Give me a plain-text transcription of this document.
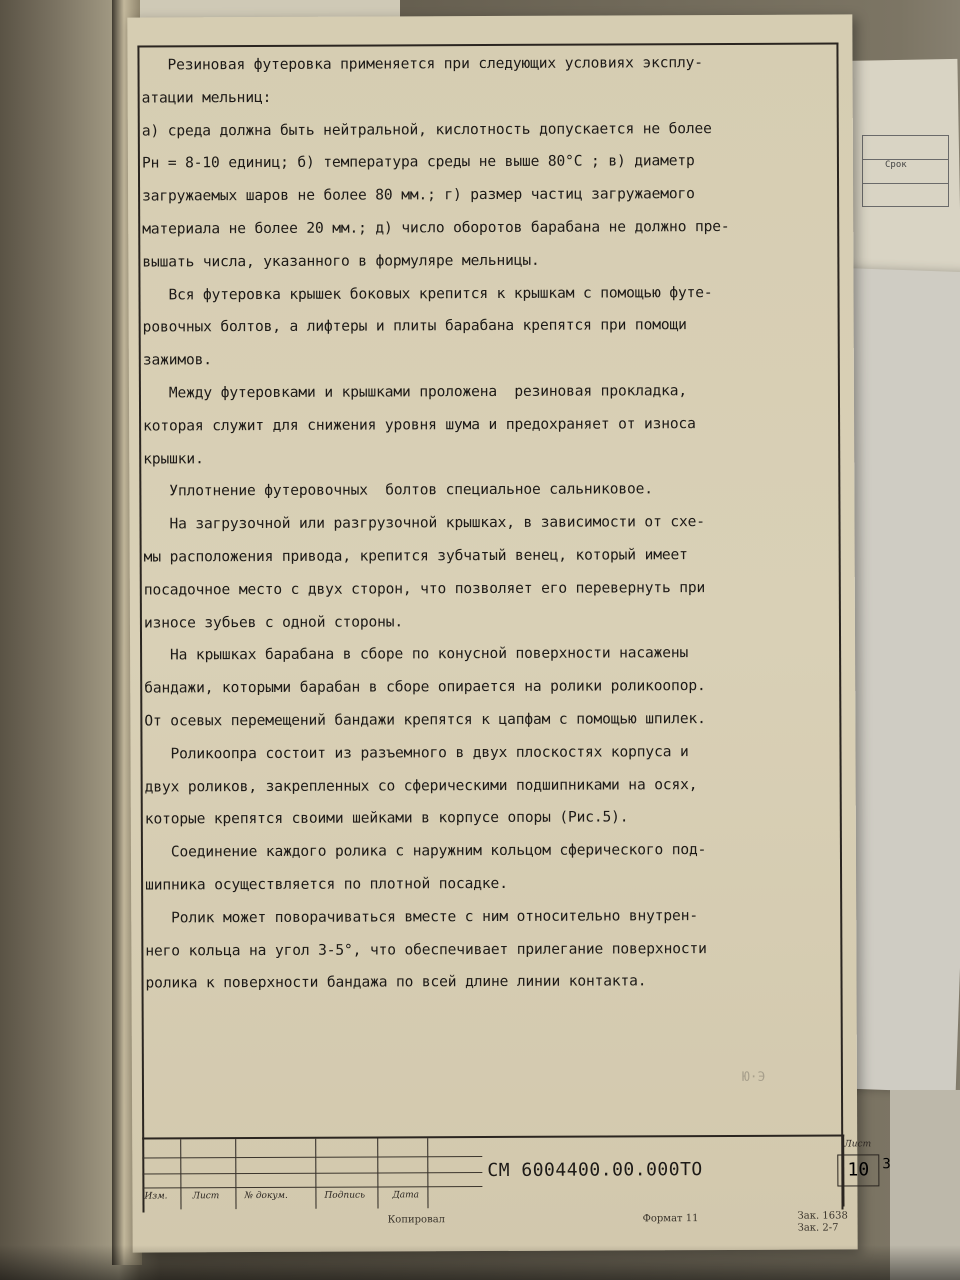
Срок
Резиновая футеровка применяется при следующих условиях эксплу-
атации мельниц:
а) среда должна быть нейтральной, кислотность допускается не более
Рн = 8-10 единиц; б) температура среды не выше 80°С ; в) диаметр
загружаемых шаров не более 80 мм.; г) размер частиц загружаемого
материала не более 20 мм.; д) число оборотов барабана не должно пре-
вышать числа, указанного в формуляре мельницы.
Вся футеровка крышек боковых крепится к крышкам с помощью футе-
ровочных болтов, а лифтеры и плиты барабана крепятся при помощи
зажимов.
Между футеровками и крышками проложена  резиновая прокладка,
которая служит для снижения уровня шума и предохраняет от износа
крышки.
Уплотнение футеровочных  болтов специальное сальниковое.
На загрузочной или разгрузочной крышках, в зависимости от схе-
мы расположения привода, крепится зубчатый венец, который имеет
посадочное место с двух сторон, что позволяет его перевернуть при
износе зубьев с одной стороны.
На крышках барабана в сборе по конусной поверхности насажены
бандажи, которыми барабан в сборе опирается на ролики роликоопор.
От осевых перемещений бандажи крепятся к цапфам с помощью шпилек.
Роликоопра состоит из разъемного в двух плоскостях корпуса и
двух роликов, закрепленных со сферическими подшипниками на осях,
которые крепятся своими шейками в корпусе опоры (Рис.5).
Соединение каждого ролика с наружним кольцом сферического под-
шипника осуществляется по плотной посадке.
Ролик может поворачиваться вместе с ним относительно внутрен-
него кольца на угол 3-5°, что обеспечивает прилегание поверхности
ролика к поверхности бандажа по всей длине линии контакта.
Ю·Э
Изм.	Лист	№ докум.	Подпись	Дата
СМ 6004400.00.000ТО
Лист
10 3
Копировал	Формат 11	Зак. 1638
Зак. 2-7
